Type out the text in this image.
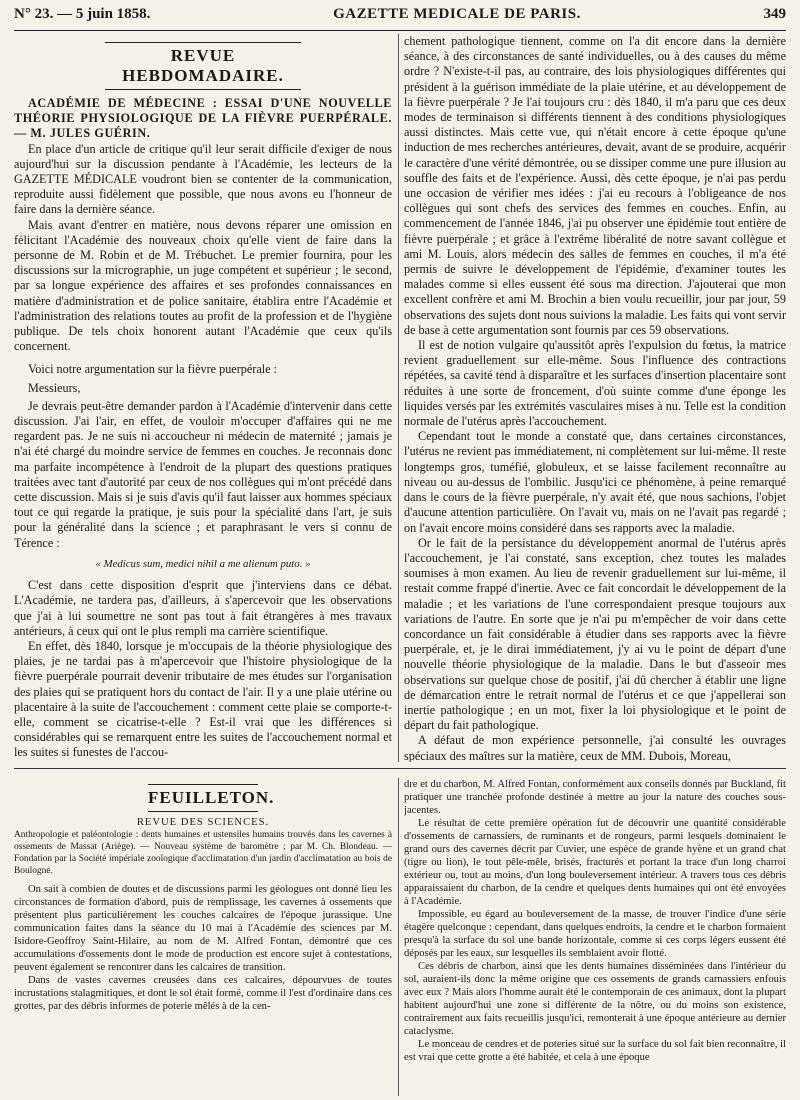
N° 23. — 5 juin 1858.	GAZETTE MEDICALE DE PARIS.	349
REVUE HEBDOMADAIRE.

ACADÉMIE DE MÉDECINE : ESSAI D'UNE NOUVELLE THÉORIE PHYSIOLOGIQUE DE LA FIÈVRE PUERPÉRALE. — M. JULES GUÉRIN.

En place d'un article de critique qu'il leur serait difficile d'exiger de nous aujourd'hui sur la discussion pendante à l'Académie, les lecteurs de la GAZETTE MÉDICALE voudront bien se contenter de la communication, reproduite aussi fidèlement que possible, que nous avons eu l'honneur de faire dans la dernière séance.

Mais avant d'entrer en matière, nous devons réparer une omission en félicitant l'Académie des nouveaux choix qu'elle vient de faire dans la personne de M. Robin et de M. Trébuchet. Le premier fournira, pour les discussions sur la micrographie, un juge compétent et supérieur ; le second, par sa longue expérience des affaires et ses profondes connaissances en matière d'administration et de police sanitaire, établira entre l'Académie et l'administration des relations toutes au profit de la profession et de l'hygiène publique. De tels choix honorent autant l'Académie que ceux qu'ils concernent.

Voici notre argumentation sur la fièvre puerpérale :

Messieurs,

Je devrais peut-être demander pardon à l'Académie d'intervenir dans cette discussion. J'ai l'air, en effet, de vouloir m'occuper d'affaires qui ne me regardent pas. Je ne suis ni accoucheur ni médecin de maternité ; jamais je n'ai été chargé du moindre service de femmes en couches. Je reconnais donc ma parfaite incompétence à l'endroit de la plupart des questions pratiques traitées avec tant d'autorité par ceux de nos collègues qui m'ont précédé dans cette discussion. Mais si je suis d'avis qu'il faut laisser aux hommes spéciaux tout ce qui regarde la pratique, je suis pour la spécialité dans l'art, je suis pour la généralité dans la science ; et paraphrasant le vers si connu de Térence :

« Medicus sum, medici nihil a me alienum puto. »

C'est dans cette disposition d'esprit que j'interviens dans ce débat. L'Académie, ne tardera pas, d'ailleurs, à s'apercevoir que les observations que j'ai à lui soumettre ne sont pas tout à fait étrangères à mes travaux antérieurs, à ceux qui ont le plus rempli ma carrière scientifique.

En effet, dès 1840, lorsque je m'occupais de la théorie physiologique des plaies, je ne tardai pas à m'apercevoir que l'histoire physiologique de la fièvre puerpérale pourrait devenir tributaire de mes études sur l'organisation des plaies qui se pratiquent hors du contact de l'air. Il y a une plaie utérine ou placentaire à la suite de l'accouchement : comment cette plaie se comporte-t-elle, comment se cicatrise-t-elle ? Est-il vrai que les différences si considérables qui se remarquent entre les suites de l'accouchement normal et les suites si funestes de l'accou-

chement pathologique tiennent, comme on l'a dit encore dans la dernière séance, à des circonstances de santé individuelles, ou à des causes du même ordre ? N'existe-t-il pas, au contraire, des lois physiologiques différentes qui président à la guérison immédiate de la plaie utérine, et au développement de la fièvre puerpérale ? Je l'ai toujours cru : dès 1840, il m'a paru que ces deux modes de terminaison si différents tiennent à des conditions physiologiques aussi distinctes. Mais cette vue, qui n'était encore à cette époque qu'une induction de mes recherches antérieures, devait, avant de se produire, acquérir le caractère d'une vérité démontrée, ou se dissiper comme une pure illusion au souffle des faits et de l'expérience. Aussi, dès cette époque, je n'ai pas perdu une occasion de vérifier mes idées : j'ai eu recours à l'obligeance de nos collègues qui sont chefs des services des femmes en couches. Enfin, au commencement de l'année 1846, j'ai pu observer une épidémie tout entière de fièvre puerpérale ; et grâce à l'extrême libéralité de notre savant collègue et ami M. Louis, alors médecin des salles de femmes en couches, il m'a été permis de suivre le développement de l'épidémie, d'examiner toutes les malades comme si elles eussent été sous ma direction. J'ajouterai que mon excellent confrère et ami M. Brochin a bien voulu recueillir, jour par jour, 59 observations des sujets dont nous suivions la maladie. Les faits qui vont servir de base à cette argumentation sont fournis par ces 59 observations.

Il est de notion vulgaire qu'aussitôt après l'expulsion du fœtus, la matrice revient graduellement sur elle-même. Sous l'influence des contractions répétées, sa cavité tend à disparaître et les surfaces d'insertion placentaire sont réduites à une sorte de froncement, d'où suinte comme d'une éponge les liquides versés par les extrémités vasculaires mises à nu. Telle est la condition normale de l'utérus après l'accouchement.

Cependant tout le monde a constaté que, dans certaines circonstances, l'utérus ne revient pas immédiatement, ni complètement sur lui-même. Il reste longtemps gros, tuméfié, globuleux, et se laisse facilement reconnaître au niveau ou au-dessus de l'ombilic. Jusqu'ici ce phénomène, à peine remarqué dans le cours de la fièvre puerpérale, n'y avait été, que nous sachions, l'objet d'aucune attention particulière. On l'avait vu, mais on ne l'avait pas regardé ; on l'avait encore moins considéré dans ses rapports avec la maladie.

Or le fait de la persistance du développement anormal de l'utérus après l'accouchement, je l'ai constaté, sans exception, chez toutes les malades soumises à mon examen. Au lieu de revenir graduellement sur lui-même, il restait comme frappé d'inertie. Avec ce fait concordait le développement de la maladie ; et les variations de l'une correspondaient presque toujours aux variations de l'autre. En sorte que je n'ai pu m'empêcher de voir dans cette concordance un fait considérable à étudier dans ses rapports avec la fièvre puerpérale, et, je le dirai immédiatement, j'y ai vu le point de départ d'une nouvelle théorie physiologique de la maladie. Dans le but d'asseoir mes observations sur quelque chose de positif, j'ai dû chercher à établir une ligne de démarcation entre le retrait normal de l'utérus et ce que j'appellerai son inertie pathologique ; en un mot, fixer la loi physiologique et le point de départ du fait pathologique.

A défaut de mon expérience personnelle, j'ai consulté les ouvrages spéciaux des maîtres sur la matière, ceux de MM. Dubois, Moreau,

FEUILLETON.

REVUE DES SCIENCES.

Anthropologie et paléontologie : dents humaines et ustensiles humains trouvés dans les cavernes à ossements de Massat (Ariège). — Nouveau système de baromètre ; par M. Ch. Blondeau. — Fondation par la Société impériale zoologique d'acclimatation d'un jardin d'acclimatation au bois de Boulogne.

On sait à combien de doutes et de discussions parmi les géologues ont donné lieu les circonstances de formation d'abord, puis de remplissage, les cavernes à ossements que présentent plus particulièrement les couches calcaires de l'époque jurassique. Une communication faites dans la séance du 10 mai à l'Académie des sciences par M. Isidore-Geoffroy Saint-Hilaire, au nom de M. Alfred Fontan, démontré que ces accumulations d'ossements dont le mode de production est encore sujet à contestations, peuvent également se rencontrer dans les calcaires de transition.

Dans de vastes cavernes creusées dans ces calcaires, dépourvues de toutes incrustations stalagmitiques, et dont le sol était formé, comme il l'est d'ordinaire dans ces grottes, par des débris informes de poterie mêlés à de la cen-

dre et du charbon, M. Alfred Fontan, conformément aux conseils donnés par Buckland, fit pratiquer une tranchée profonde destinée à mettre au jour la nature des couches sous-jacentes.

Le résultat de cette première opération fut de découvrir une quantité considérable d'ossements de carnassiers, de ruminants et de rongeurs, parmi lesquels dominaient le grand ours des cavernes décrit par Cuvier, une espèce de grande hyène et un grand chat (tigre ou lion), le tout pêle-mêle, brisés, fracturés et portant la trace d'un long charroi extérieur ou, tout au moins, d'un long bouleversement intérieur. A travers tous ces débris apparaissaient du charbon, de la cendre et quelques dents humaines qui ont été envoyées à l'Académie.

Impossible, eu égard au bouleversement de la masse, de trouver l'indice d'une série étagère quelconque : cependant, dans quelques endroits, la cendre et le charbon formaient presqu'à la surface du sol une bande horizontale, comme si ces corps légers eussent été déposés par les eaux, sur lesquelles ils semblaient avoir flotté.

Ces débris de charbon, ainsi que les dents humaines disséminées dans l'intérieur du sol, auraient-ils donc la même origine que ces ossements de grands carnassiers enfouis avec eux ? Mais alors l'homme aurait été le contemporain de ces animaux, dont la plupart habitent aujourd'hui une zone si différente de la nôtre, ou du moins son existence, contrairement aux faits recueillis jusqu'ici, remonterait à une époque antérieure au dernier cataclysme.

Le monceau de cendres et de poteries situé sur la surface du sol fait bien reconnaître, il est vrai que cette grotte a été habitée, et cela à une époque
